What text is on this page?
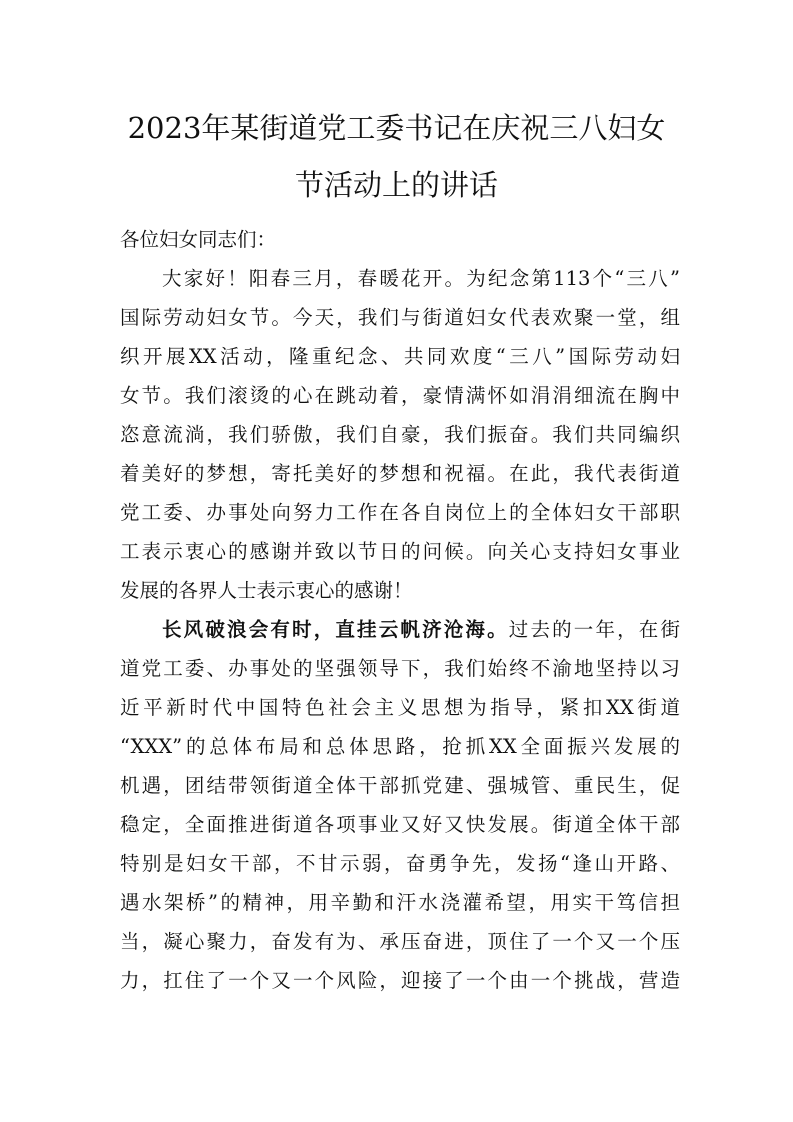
2023年某街道党工委书记在庆祝三八妇女
节活动上的讲话
各位妇女同志们：
大家好！阳春三月，春暖花开。为纪念第113个“三八”
国际劳动妇女节。今天，我们与街道妇女代表欢聚一堂，组
织开展XX活动，隆重纪念、共同欢度“三八”国际劳动妇
女节。我们滚烫的心在跳动着，豪情满怀如涓涓细流在胸中
恣意流淌，我们骄傲，我们自豪，我们振奋。我们共同编织
着美好的梦想，寄托美好的梦想和祝福。在此，我代表街道
党工委、办事处向努力工作在各自岗位上的全体妇女干部职
工表示衷心的感谢并致以节日的问候。向关心支持妇女事业
发展的各界人士表示衷心的感谢！
长风破浪会有时，直挂云帆济沧海。过去的一年，在街
道党工委、办事处的坚强领导下，我们始终不渝地坚持以习
近平新时代中国特色社会主义思想为指导，紧扣XX街道
“XXX”的总体布局和总体思路，抢抓XX全面振兴发展的
机遇，团结带领街道全体干部抓党建、强城管、重民生，促
稳定，全面推进街道各项事业又好又快发展。街道全体干部
特别是妇女干部，不甘示弱，奋勇争先，发扬“逢山开路、
遇水架桥”的精神，用辛勤和汗水浇灌希望，用实干笃信担
当，凝心聚力，奋发有为、承压奋进，顶住了一个又一个压
力，扛住了一个又一个风险，迎接了一个由一个挑战，营造
